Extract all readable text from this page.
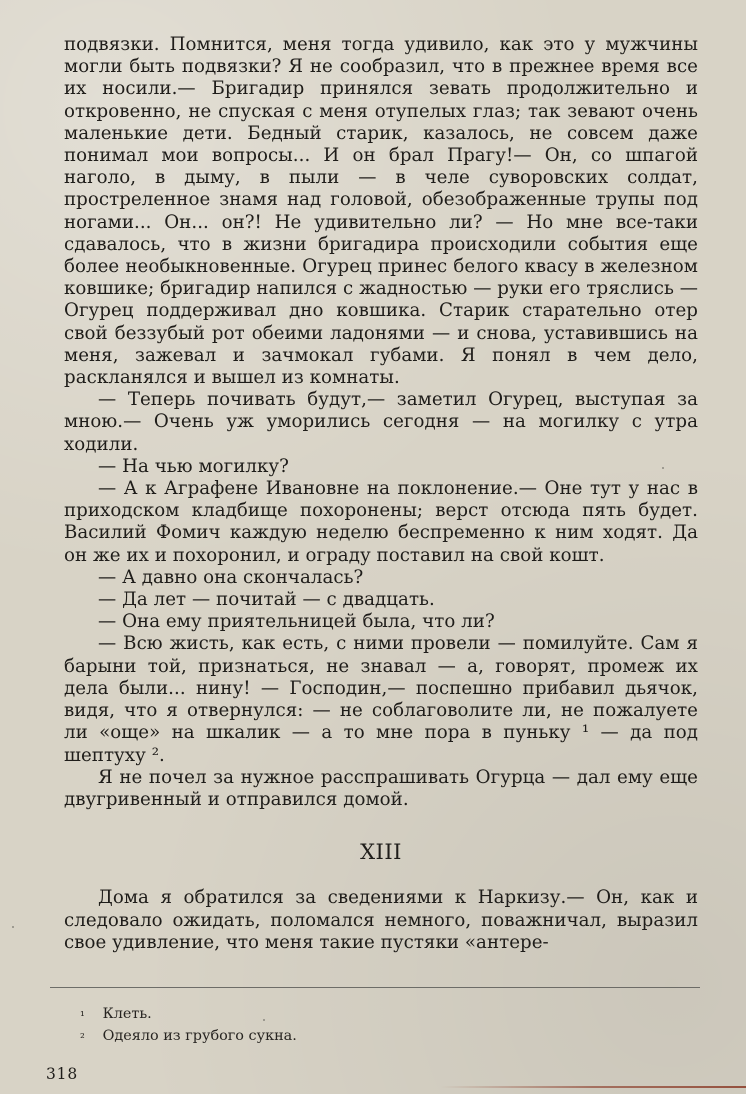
подвязки. Помнится, меня тогда удивило, как это у мужчины могли быть подвязки? Я не сообразил, что в прежнее время все их носили.— Бригадир принялся зевать продолжительно и откровенно, не спуская с меня отупелых глаз; так зевают очень маленькие дети. Бедный старик, казалось, не совсем даже понимал мои вопросы... И он брал Прагу!— Он, со шпагой наголо, в дыму, в пыли — в челе суворовских солдат, простреленное знамя над головой, обезображенные трупы под ногами... Он... он?! Не удивительно ли? — Но мне все-таки сдавалось, что в жизни бригадира происходили события еще более необыкновенные. Огурец принес белого квасу в железном ковшике; бригадир напился с жадностью — руки его тряслись — Огурец поддерживал дно ковшика. Старик старательно отер свой беззубый рот обеими ладонями — и снова, уставившись на меня, зажевал и зачмокал губами. Я понял в чем дело, раскланялся и вышел из комнаты.

— Теперь почивать будут,— заметил Огурец, выступая за мною.— Очень уж уморились сегодня — на могилку с утра ходили.

— На чью могилку?

— А к Аграфене Ивановне на поклонение.— Оне тут у нас в приходском кладбище похоронены; верст отсюда пять будет. Василий Фомич каждую неделю беспременно к ним ходят. Да он же их и похоронил, и ограду поставил на свой кошт.

— А давно она скончалась?

— Да лет — почитай — с двадцать.

— Она ему приятельницей была, что ли?

— Всю жисть, как есть, с ними провели — помилуйте. Сам я барыни той, признаться, не знавал — а, говорят, промеж их дела были... нину! — Господин,— поспешно прибавил дьячок, видя, что я отвернулся: — не соблаговолите ли, не пожалуете ли «още» на шкалик — а то мне пора в пуньку ¹ — да под шептуху ².

Я не почел за нужное расспрашивать Огурца — дал ему еще двугривенный и отправился домой.

XIII

Дома я обратился за сведениями к Наркизу.— Он, как и следовало ожидать, поломался немного, поважничал, выразил свое удивление, что меня такие пустяки «антере-

¹ Клеть.

² Одеяло из грубого сукна.

318
